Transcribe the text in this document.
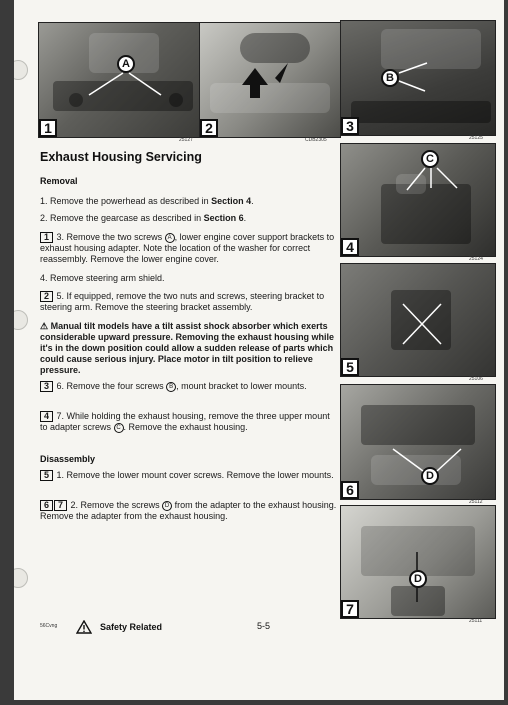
A
1
25127
2
CDB2305
B
3
25125
C
4
25124
5
25106
D
6
25112
D
7
25111
Exhaust Housing Servicing
Removal
1. Remove the powerhead as described in Section 4.
2. Remove the gearcase as described in Section 6.
1 3. Remove the two screws A , lower engine cover support brackets to exhaust housing adapter. Note the location of the washer for correct reassembly. Remove the lower engine cover.
4. Remove steering arm shield.
2 5. If equipped, remove the two nuts and screws, steering bracket to steering arm. Remove the steering bracket assembly.
⚠ Manual tilt models have a tilt assist shock absorber which exerts considerable upward pressure. Removing the exhaust housing while it's in the down position could allow a sudden release of parts which could cause serious injury. Place motor in tilt position to relieve pressure.
3 6. Remove the four screws B , mount bracket to lower mounts.
4 7. While holding the exhaust housing, remove the three upper mount to adapter screws C . Remove the exhaust housing.
Disassembly
5 1. Remove the lower mount cover screws. Remove the lower mounts.
6 7 2. Remove the screws D from the adapter to the exhaust housing. Remove the adapter from the exhaust housing.
56Cvng	Safety Related	5-5
